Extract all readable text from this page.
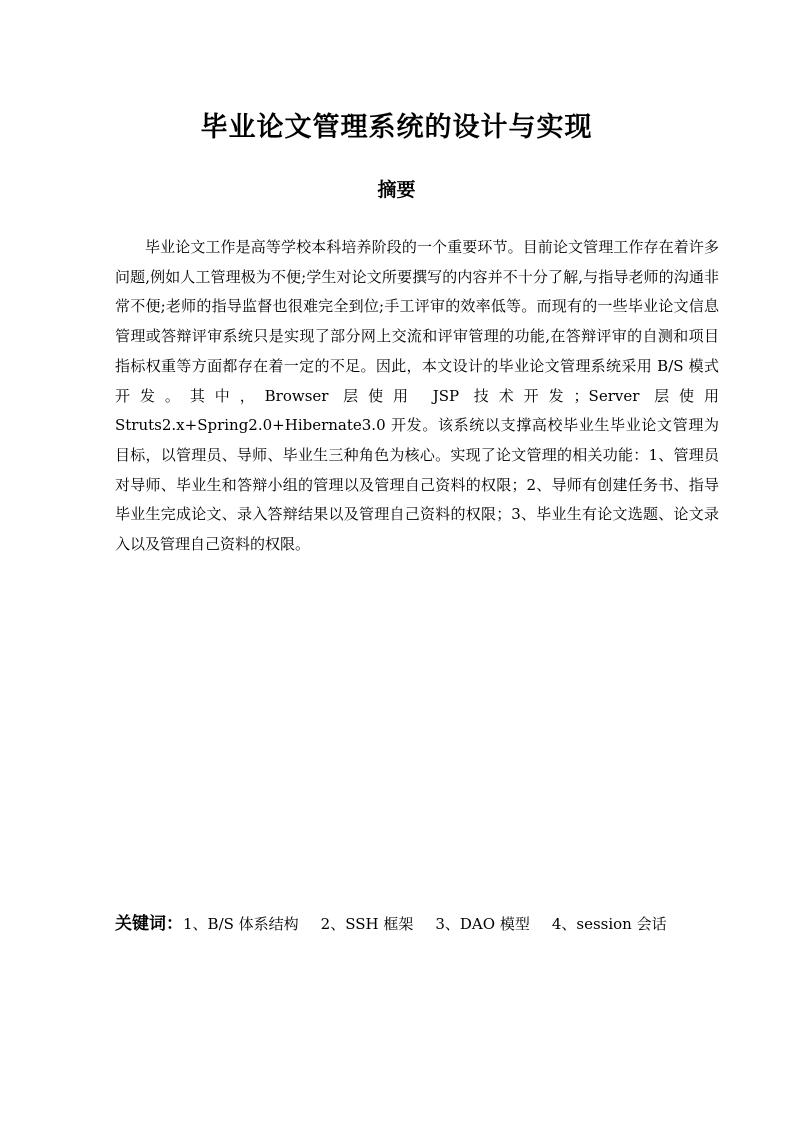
毕业论文管理系统的设计与实现
摘要

毕业论文工作是高等学校本科培养阶段的一个重要环节。目前论文管理工作存在着许多问题,例如人工管理极为不便;学生对论文所要撰写的内容并不十分了解,与指导老师的沟通非常不便;老师的指导监督也很难完全到位;手工评审的效率低等。而现有的一些毕业论文信息管理或答辩评审系统只是实现了部分网上交流和评审管理的功能,在答辩评审的自测和项目指标权重等方面都存在着一定的不足。因此，本文设计的毕业论文管理系统采用 B/S 模式开发。其中，Browser 层使用 JSP 技术开发；Server 层使用 Struts2.x+Spring2.0+Hibernate3.0 开发。该系统以支撑高校毕业生毕业论文管理为目标，以管理员、导师、毕业生三种角色为核心。实现了论文管理的相关功能：1、管理员对导师、毕业生和答辩小组的管理以及管理自己资料的权限；2、导师有创建任务书、指导毕业生完成论文、录入答辩结果以及管理自己资料的权限；3、毕业生有论文选题、论文录入以及管理自己资料的权限。

关键词：1、B/S 体系结构 2、SSH 框架 3、DAO 模型 4、session 会话
